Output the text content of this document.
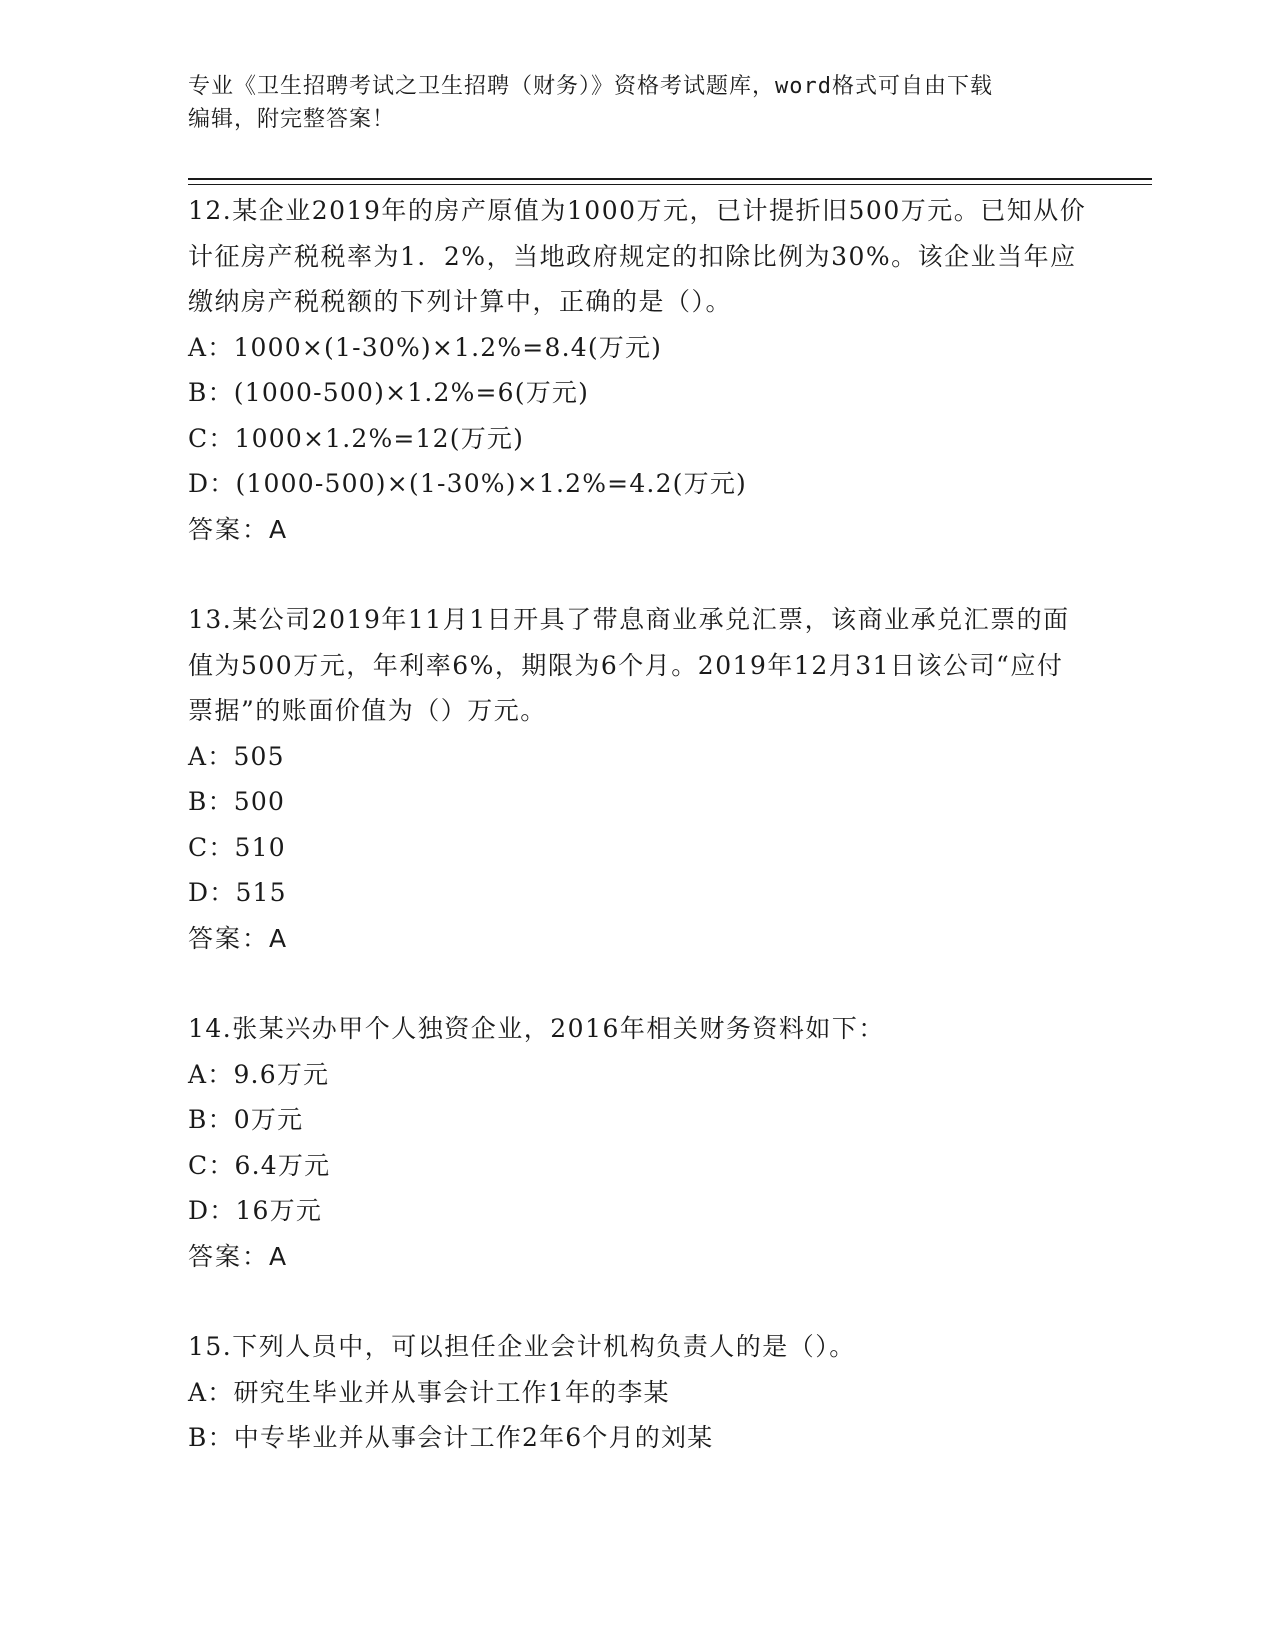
专业《卫生招聘考试之卫生招聘（财务）》资格考试题库，word格式可自由下载
编辑，附完整答案！
12.某企业2019年的房产原值为1000万元，已计提折旧500万元。已知从价计征房产税税率为1．2%，当地政府规定的扣除比例为30%。该企业当年应缴纳房产税税额的下列计算中，正确的是（）。
A：1000×(1-30%)×1.2%=8.4(万元)
B：(1000-500)×1.2%=6(万元)
C：1000×1.2%=12(万元)
D：(1000-500)×(1-30%)×1.2%=4.2(万元)
答案：A
13.某公司2019年11月1日开具了带息商业承兑汇票，该商业承兑汇票的面值为500万元，年利率6%，期限为6个月。2019年12月31日该公司“应付票据”的账面价值为（）万元。
A：505
B：500
C：510
D：515
答案：A
14.张某兴办甲个人独资企业，2016年相关财务资料如下：
A：9.6万元
B：0万元
C：6.4万元
D：16万元
答案：A
15.下列人员中，可以担任企业会计机构负责人的是（）。
A：研究生毕业并从事会计工作1年的李某
B：中专毕业并从事会计工作2年6个月的刘某
